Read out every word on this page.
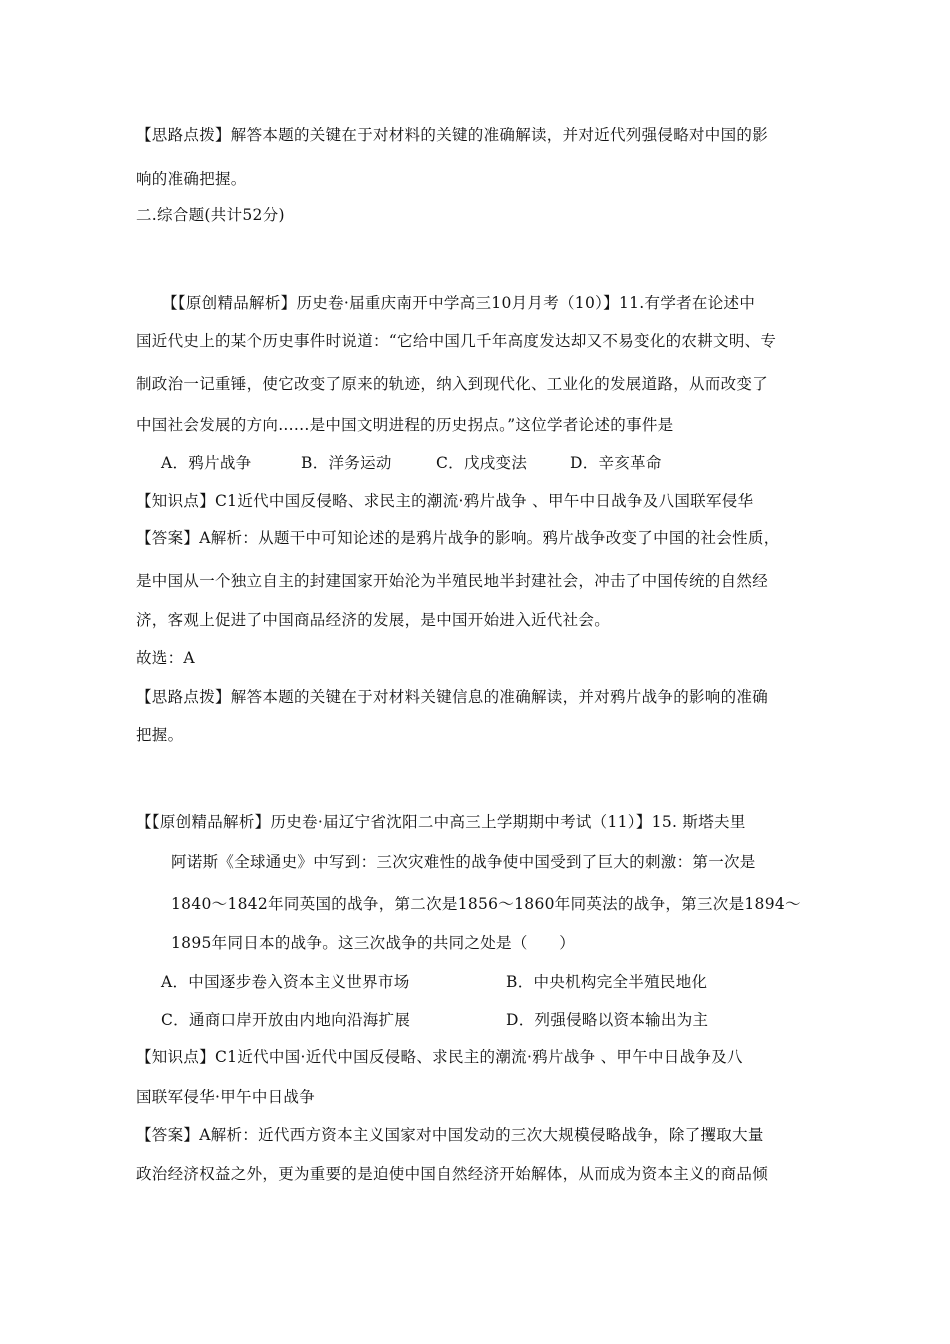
【思路点拨】解答本题的关键在于对材料的关键的准确解读，并对近代列强侵略对中国的影
响的准确把握。
二.综合题(共计52分)
【【原创精品解析】历史卷·届重庆南开中学高三10月月考（10）】11.有学者在论述中
国近代史上的某个历史事件时说道：“它给中国几千年高度发达却又不易变化的农耕文明、专
制政治一记重锤，使它改变了原来的轨迹，纳入到现代化、工业化的发展道路，从而改变了
中国社会发展的方向......是中国文明进程的历史拐点。”这位学者论述的事件是
A．鸦片战争	B．洋务运动	C．戊戌变法	D．辛亥革命
【知识点】C1近代中国反侵略、求民主的潮流·鸦片战争 、甲午中日战争及八国联军侵华
【答案】A解析：从题干中可知论述的是鸦片战争的影响。鸦片战争改变了中国的社会性质，
是中国从一个独立自主的封建国家开始沦为半殖民地半封建社会，冲击了中国传统的自然经
济，客观上促进了中国商品经济的发展，是中国开始进入近代社会。
故选：A
【思路点拨】解答本题的关键在于对材料关键信息的准确解读，并对鸦片战争的影响的准确
把握。
【【原创精品解析】历史卷·届辽宁省沈阳二中高三上学期期中考试（11）】15. 斯塔夫里
阿诺斯《全球通史》中写到：三次灾难性的战争使中国受到了巨大的刺激：第一次是
1840～1842年同英国的战争，第二次是1856～1860年同英法的战争，第三次是1894～
1895年同日本的战争。这三次战争的共同之处是（　　）
A．中国逐步卷入资本主义世界市场	B．中央机构完全半殖民地化
C．通商口岸开放由内地向沿海扩展	D．列强侵略以资本输出为主
【知识点】C1近代中国·近代中国反侵略、求民主的潮流·鸦片战争 、甲午中日战争及八
国联军侵华·甲午中日战争
【答案】A解析：近代西方资本主义国家对中国发动的三次大规模侵略战争，除了攫取大量
政治经济权益之外，更为重要的是迫使中国自然经济开始解体，从而成为资本主义的商品倾
